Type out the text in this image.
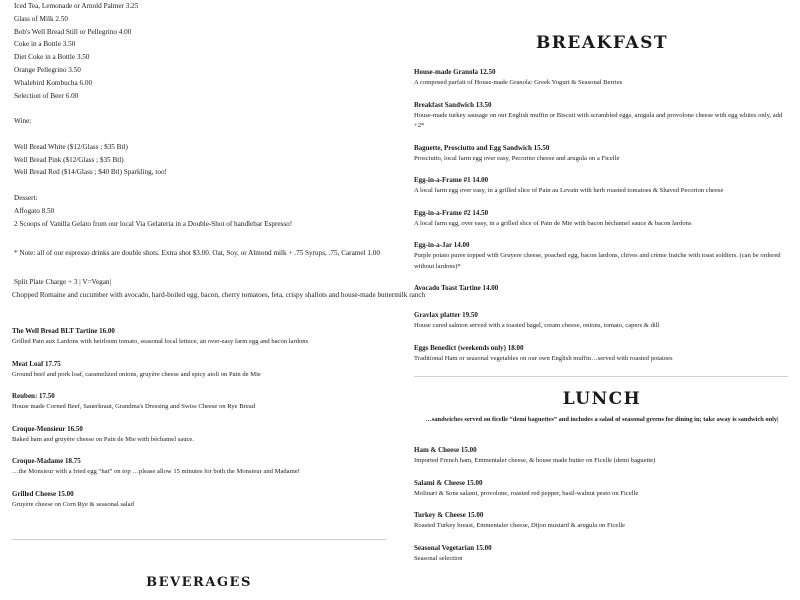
Iced Tea, Lemonade or Arnold Palmer 3.25
Glass of Milk 2.50
Bob's Well Bread Still or Pellegrino 4.00
Coke in a Bottle 3.50
Diet Coke in a Bottle 3.50
Orange Pellegrino 3.50
Whalebird Kombucha 6.00
Selection of Beer 6.00
Wine:
Well Bread White ($12/Glass ; $35 Btl)
Well Bread Pink ($12/Glass ; $35 Btl)
Well Bread Red ($14/Glass ; $40 Btl) Sparkling, too!
Dessert:
Affogato 8.50
2 Scoops of Vanilla Gelato from our local Via Gelateria in a Double-Shot of handlebar Espresso!
* Note: all of our espresso drinks are double shots. Extra shot $3.00. Oat, Soy, or Almond milk + .75 Syrups, .75, Caramel 1.00
Split Plate Charge + 3 | V=Vegan|
Chopped Romaine and cucumber with avocado, hard-boiled egg, bacon, cherry tomatoes, feta, crispy shallots and house-made buttermilk ranch
The Well Bread BLT Tartine 16.00
Grilled Pain aux Lardons with heirloom tomato, seasonal local lettuce, an over-easy farm egg and bacon lardons
Meat Loaf 17.75
Ground beef and pork loaf, caramelized onions, gruyère cheese and spicy aioli on Pain de Mie
Reuben: 17.50
House made Corned Beef, Sauerkraut, Grandma's Dressing and Swiss Cheese on Rye Bread
Croque-Monsieur 16.50
Baked ham and gruyère cheese on Pain de Mie with béchamel sauce.
Croque-Madame 18.75
…the Monsieur with a fried egg “hat” on top …please allow 15 minutes for both the Monsieur and Madame!
Grilled Cheese 15.00
Gruyère cheese on Corn Rye & seasonal salad
BEVERAGES
BREAKFAST
House-made Granola 12.50
A composed parfait of House-made Granola: Greek Yogurt & Seasonal Berries
Breakfast Sandwich 13.50
House-made turkey sausage on our English muffin or Biscuit with scrambled eggs, arugula and provolone cheese with egg whites only, add +2*
Baguette, Prosciutto and Egg Sandwich 15.50
Prosciutto, local farm egg over easy, Pecorino cheese and arugula on a Ficelle
Egg-in-a-Frame #1 14.00
A local farm egg over easy, in a grilled slice of Pain au Levain with herb roasted tomatoes & Shaved Pecorion cheese
Egg-in-a-Frame #2 14.50
A local farm egg, over easy, in a grilled slice of Pain de Mie with bacon béchamel sauce & bacon lardons
Egg-in-a-Jar 14.00
Purple potato puree topped with Gruyere cheese, poached egg, bacon lardons, chives and crème fraiche with toast soldiers. (can be ordered without lardons)*
Avocado Toast Tartine 14.00
Gravlax platter 19.50
House cured salmon served with a toasted bagel, cream cheese, onions, tomato, capers & dill
Eggs Benedict (weekends only) 18.00
Traditional Ham or seasonal vegetables on our own English muffin…served with roasted potatoes
LUNCH
…sandwiches served on ficelle “demi baguettes” and includes a salad of seasonal greens for dining in; take away is sandwich only|
Ham & Cheese 15.00
Imported French ham, Emmentaler cheese, & house made butter on Ficelle (demi baguette)
Salami & Cheese 15.00
Molinari & Sons salami, provolone, roasted red pepper, basil-walnut pesto on Ficelle
Turkey & Cheese 15.00
Roasted Turkey breast, Emmentaler cheese, Dijon mustard & arugula on Ficelle
Seasonal Vegetarian 15.00
Seasonal selection
